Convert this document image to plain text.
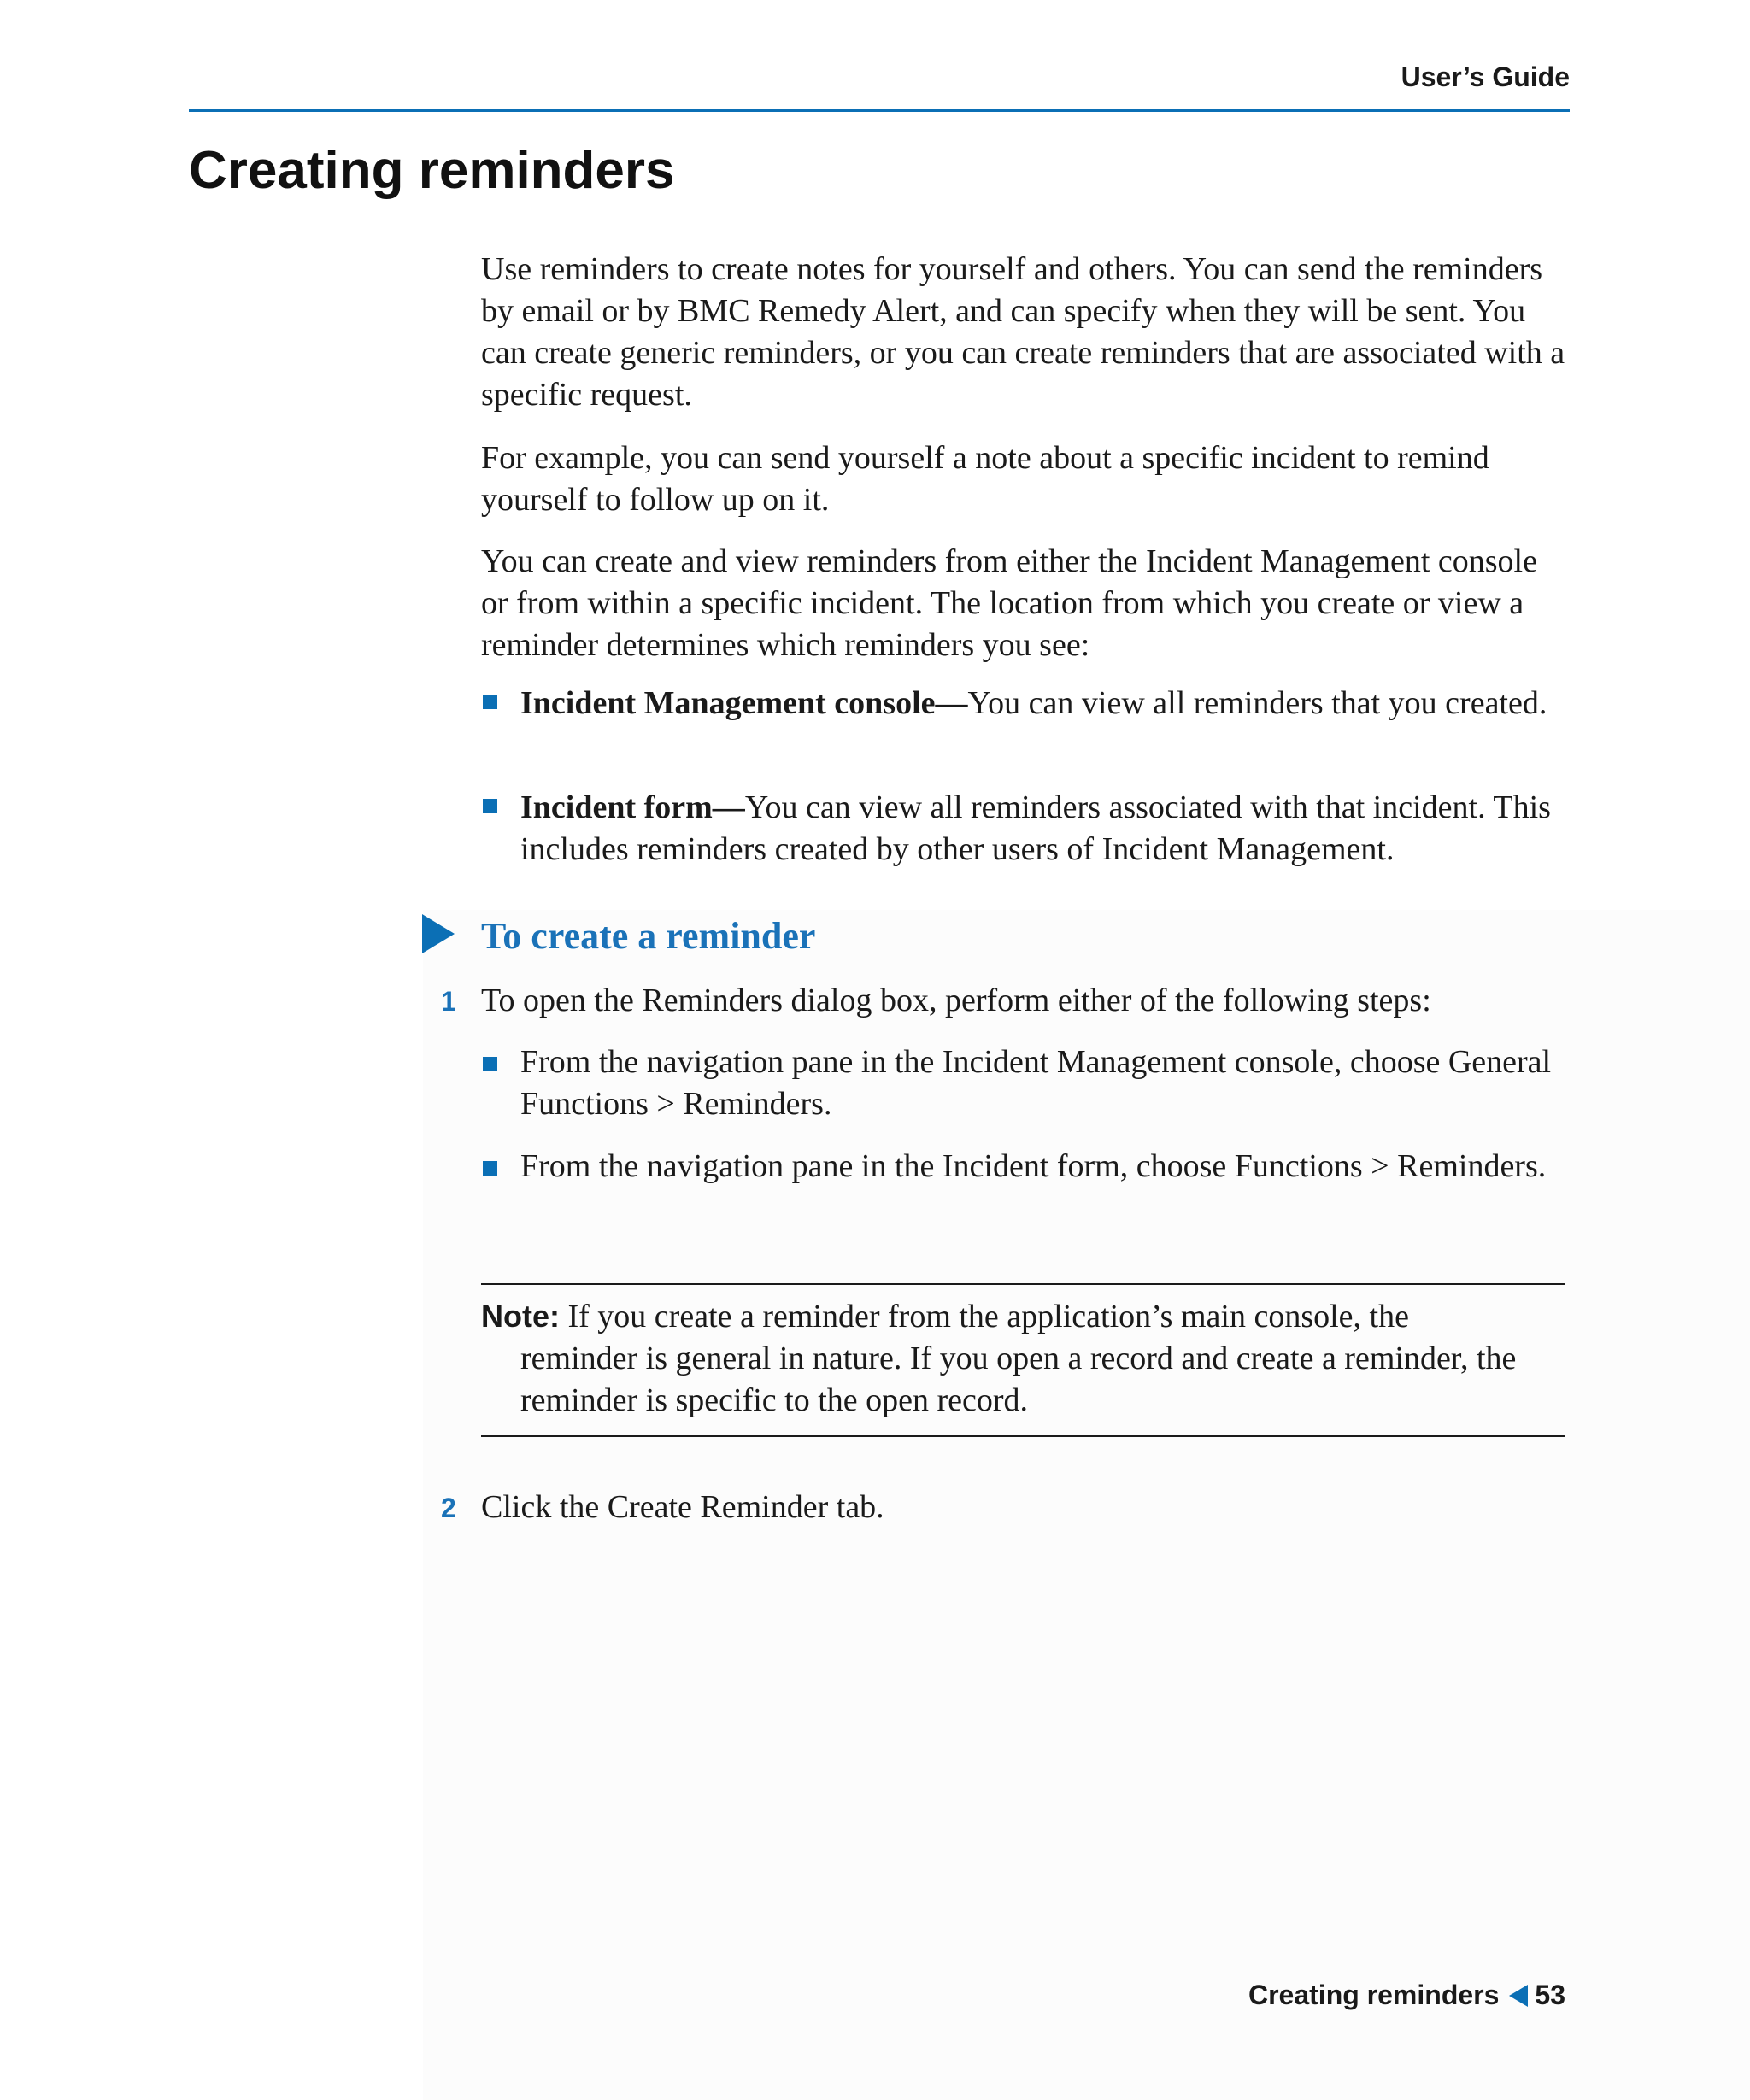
User’s Guide
Creating reminders

Use reminders to create notes for yourself and others. You can send the reminders by email or by BMC Remedy Alert, and can specify when they will be sent. You can create generic reminders, or you can create reminders that are associated with a specific request.

For example, you can send yourself a note about a specific incident to remind yourself to follow up on it.

You can create and view reminders from either the Incident Management console or from within a specific incident. The location from which you create or view a reminder determines which reminders you see:

Incident Management console—You can view all reminders that you created.

Incident form—You can view all reminders associated with that incident. This includes reminders created by other users of Incident Management.

To create a reminder
1 To open the Reminders dialog box, perform either of the following steps:

From the navigation pane in the Incident Management console, choose General Functions > Reminders.

From the navigation pane in the Incident form, choose Functions > Reminders.

Note: If you create a reminder from the application’s main console, the
reminder is general in nature. If you open a record and create a reminder, the reminder is specific to the open record.
2 Click the Create Reminder tab.

Creating reminders 53
